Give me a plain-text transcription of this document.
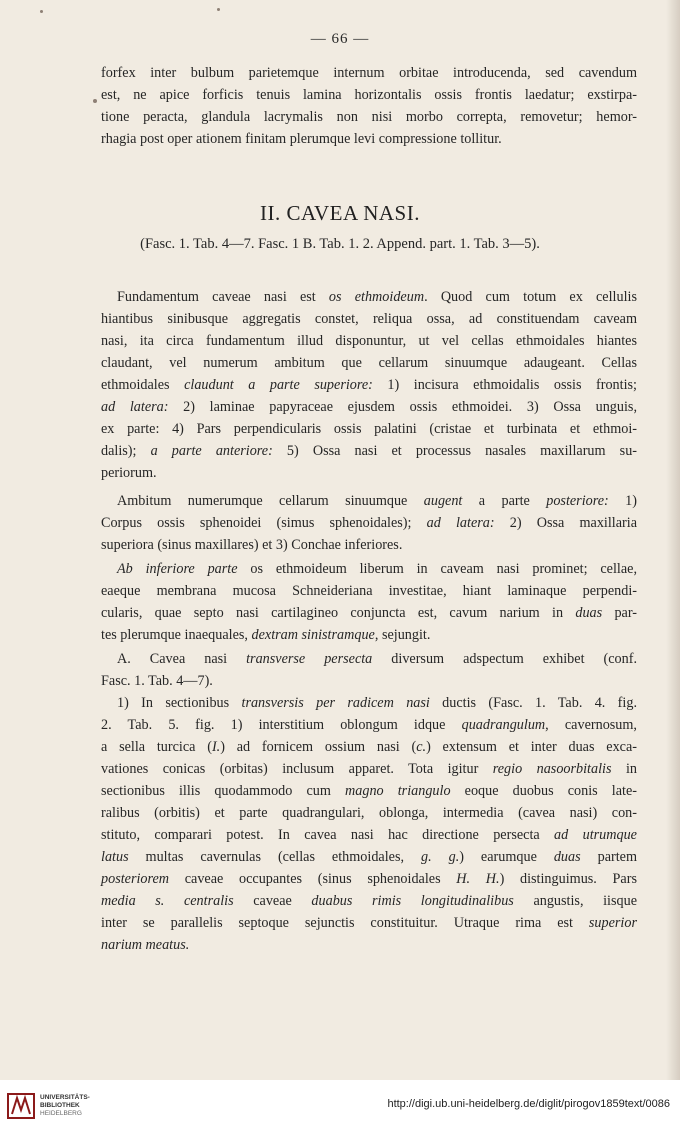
— 66 —
forfex inter bulbum parietemque internum orbitae introducenda, sed cavendum
est, ne apice forficis tenuis lamina horizontalis ossis frontis laedatur; exstirpa-
tione peracta, glandula lacrymalis non nisi morbo correpta, removetur; hemor-
rhagia post oper ationem finitam plerumque levi compressione tollitur.
II. CAVEA NASI.
(Fasc. 1. Tab. 4—7. Fasc. 1 B. Tab. 1. 2. Append. part. 1. Tab. 3—5).
Fundamentum caveae nasi est os ethmoideum. Quod cum totum ex cellulis
hiantibus sinibusque aggregatis constet, reliqua ossa, ad constituendam caveam
nasi, ita circa fundamentum illud disponuntur, ut vel cellas ethmoidales hiantes
claudant, vel numerum ambitum que cellarum sinuumque adaugeant. Cellas
ethmoidales claudunt a parte superiore: 1) incisura ethmoidalis ossis frontis;
ad latera: 2) laminae papyraceae ejusdem ossis ethmoidei. 3) Ossa unguis,
ex parte: 4) Pars perpendicularis ossis palatini (cristae et turbinata et ethmoi-
dalis); a parte anteriore: 5) Ossa nasi et processus nasales maxillarum su-
periorum.
Ambitum numerumque cellarum sinuumque augent a parte posteriore: 1)
Corpus ossis sphenoidei (simus sphenoidales); ad latera: 2) Ossa maxillaria
superiora (sinus maxillares) et 3) Conchae inferiores.
Ab inferiore parte os ethmoideum liberum in caveam nasi prominet; cellae,
eaeque membrana mucosa Schneideriana investitae, hiant laminaque perpendi-
cularis, quae septo nasi cartilagineo conjuncta est, cavum narium in duas par-
tes plerumque inaequales, dextram sinistramque, sejungit.
A. Cavea nasi transverse persecta diversum adspectum exhibet (conf.
Fasc. 1. Tab. 4—7).
1) In sectionibus transversis per radicem nasi ductis (Fasc. 1. Tab. 4. fig.
2. Tab. 5. fig. 1) interstitium oblongum idque quadrangulum, cavernosum,
a sella turcica (I.) ad fornicem ossium nasi (c.) extensum et inter duas exca-
vationes conicas (orbitas) inclusum apparet. Tota igitur regio nasoorbitalis in
sectionibus illis quodammodo cum magno triangulo eoque duobus conis late-
ralibus (orbitis) et parte quadrangulari, oblonga, intermedia (cavea nasi) con-
stituto, comparari potest. In cavea nasi hac directione persecta ad utrumque
latus multas cavernulas (cellas ethmoidales, g. g.) earumque duas partem
posteriorem caveae occupantes (sinus sphenoidales H. H.) distinguimus. Pars
media s. centralis caveae duabus rimis longitudinalibus angustis, iisque
inter se parallelis septoque sejunctis constituitur. Utraque rima est superior
narium meatus.
UNIVERSITÄTS-
BIBLIOTHEK
HEIDELBERG
http://digi.ub.uni-heidelberg.de/diglit/pirogov1859text/0086
